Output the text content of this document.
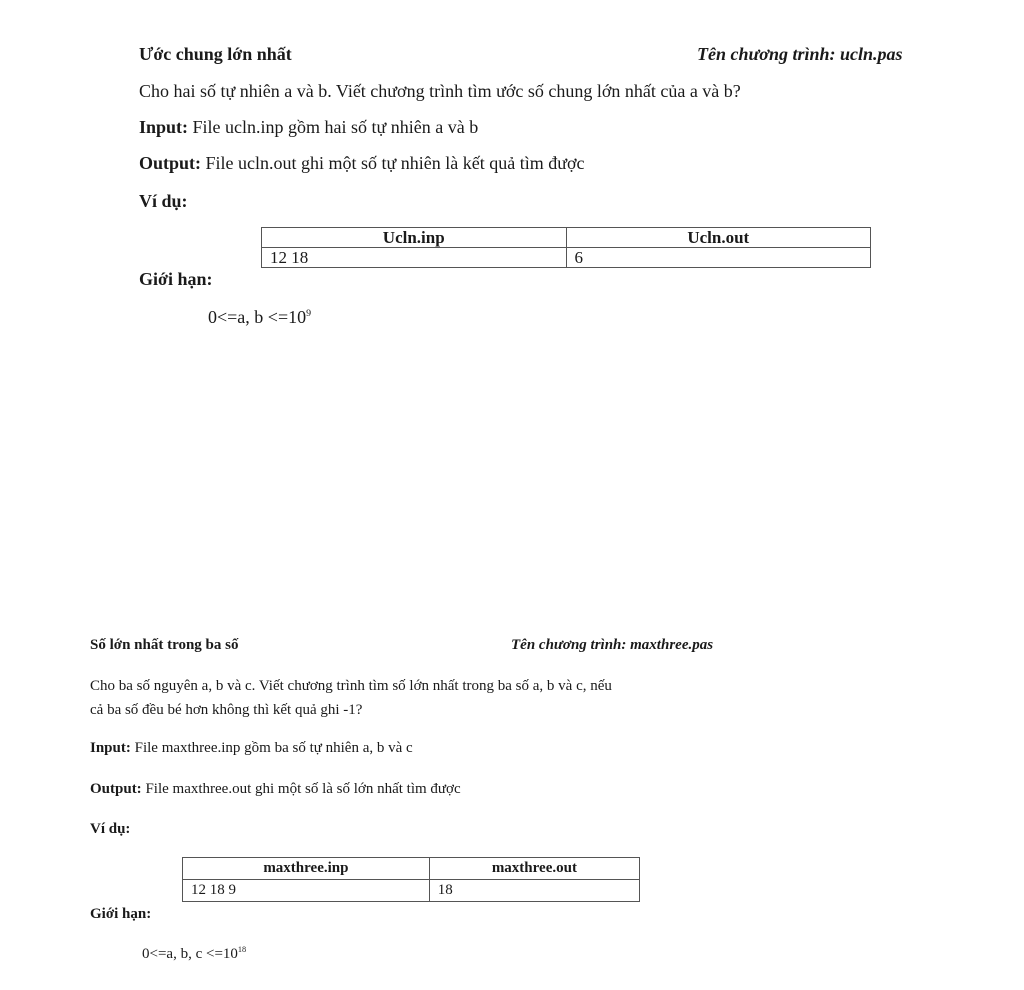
Ước chung lớn nhất	Tên chương trình: ucln.pas
Cho hai số tự nhiên a và b. Viết chương trình tìm ước số chung lớn nhất của a và b?
Input: File ucln.inp gồm hai số tự nhiên a và b
Output: File ucln.out ghi một số tự nhiên là kết quả tìm được
Ví dụ:
Ucln.inp	Ucln.out
12 18	6
Giới hạn:
0<=a, $b <=10^9$
Số lớn nhất trong ba số	Tên chương trình: maxthree.pas
Cho ba số nguyên a, b và c. Viết chương trình tìm số lớn nhất trong ba số a, b và c, nếu
cả ba số đều bé hơn không thì kết quả ghi -1?
Input: File maxthree.inp gồm ba số tự nhiên a, b và c
Output: File maxthree.out ghi một số là số lớn nhất tìm được
Ví dụ:
maxthree.inp	maxthree.out
12 18 9	18
Giới hạn:
0<=a, b, $c <=10^{18}$
